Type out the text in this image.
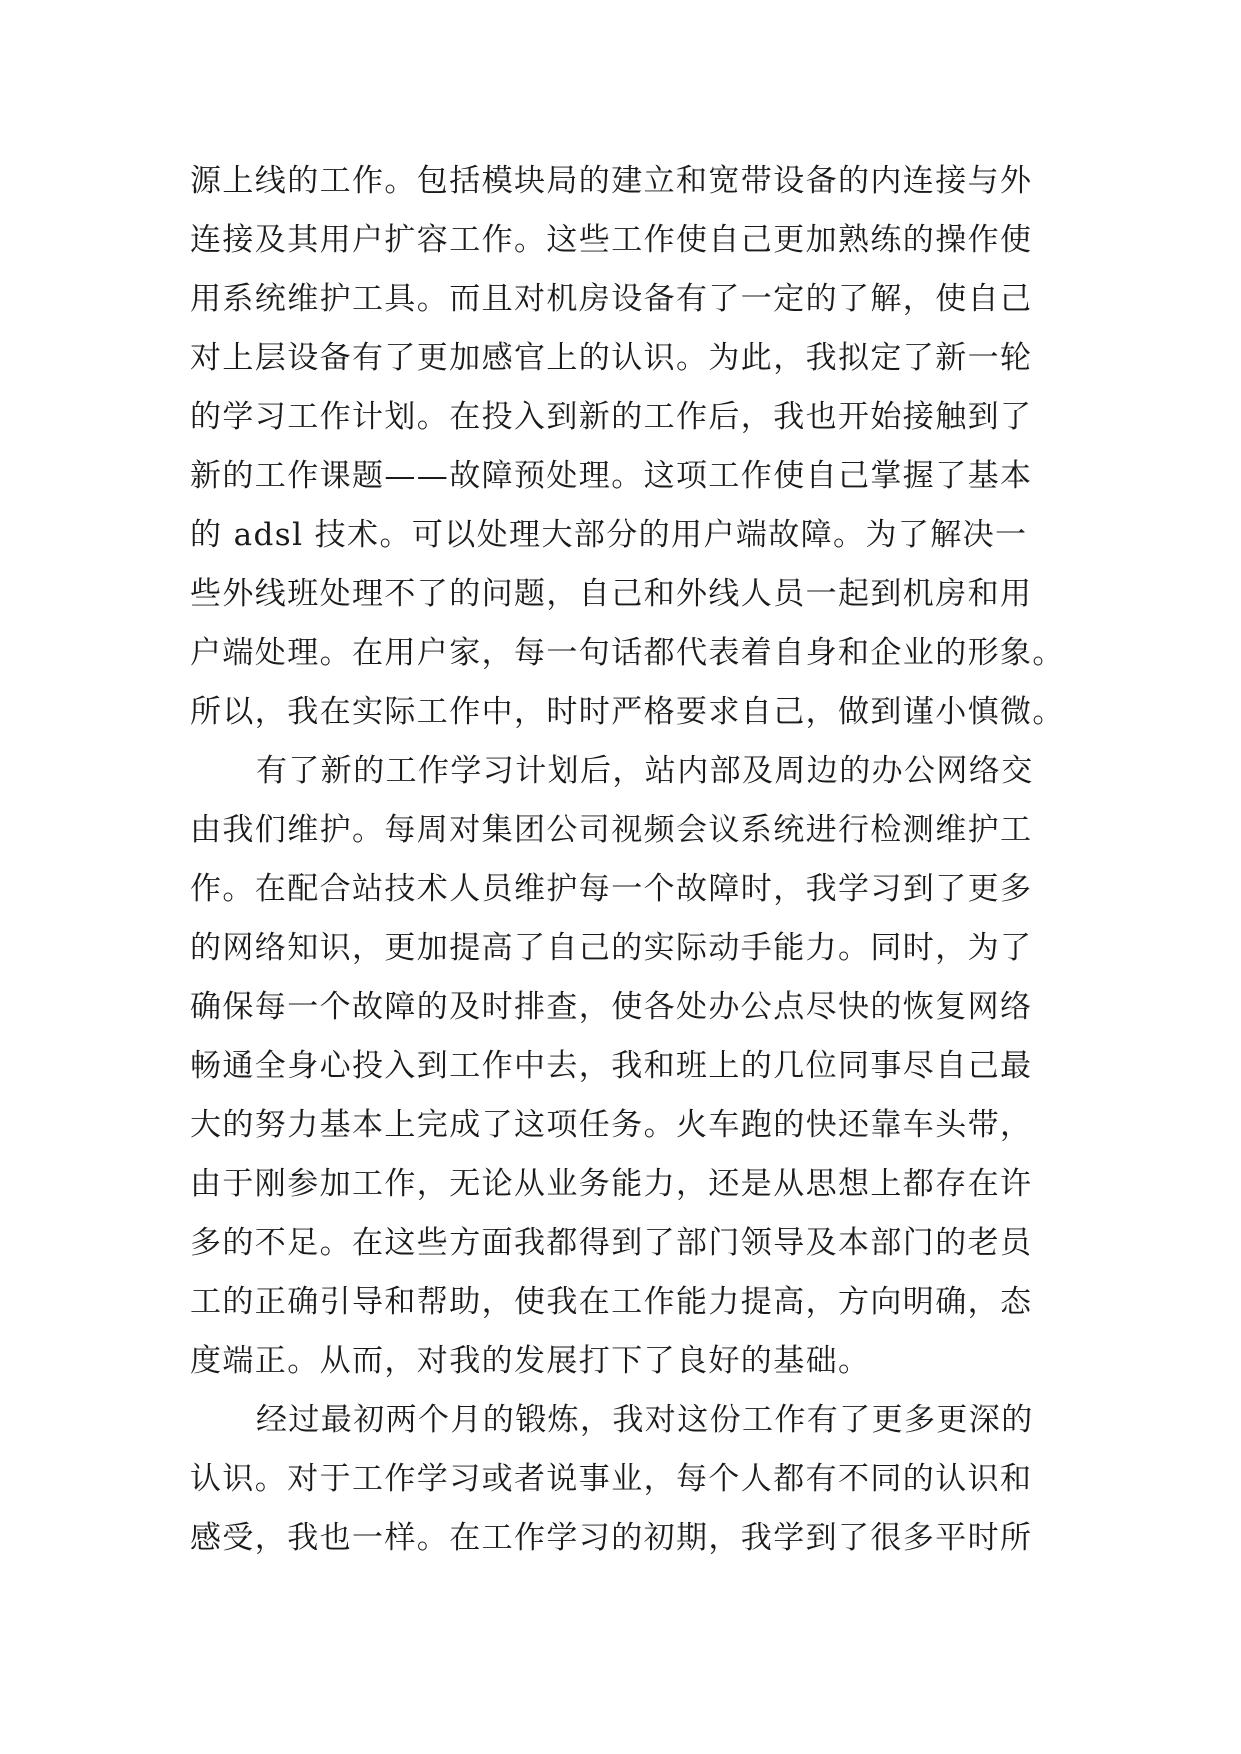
源上线的工作。包括模块局的建立和宽带设备的内连接与外
连接及其用户扩容工作。这些工作使自己更加熟练的操作使
用系统维护工具。而且对机房设备有了一定的了解，使自己
对上层设备有了更加感官上的认识。为此，我拟定了新一轮
的学习工作计划。在投入到新的工作后，我也开始接触到了
新的工作课题——故障预处理。这项工作使自己掌握了基本
的 adsl 技术。可以处理大部分的用户端故障。为了解决一
些外线班处理不了的问题，自己和外线人员一起到机房和用
户端处理。在用户家，每一句话都代表着自身和企业的形象。
所以，我在实际工作中，时时严格要求自己，做到谨小慎微。
有了新的工作学习计划后，站内部及周边的办公网络交
由我们维护。每周对集团公司视频会议系统进行检测维护工
作。在配合站技术人员维护每一个故障时，我学习到了更多
的网络知识，更加提高了自己的实际动手能力。同时，为了
确保每一个故障的及时排查，使各处办公点尽快的恢复网络
畅通全身心投入到工作中去，我和班上的几位同事尽自己最
大的努力基本上完成了这项任务。火车跑的快还靠车头带，
由于刚参加工作，无论从业务能力，还是从思想上都存在许
多的不足。在这些方面我都得到了部门领导及本部门的老员
工的正确引导和帮助，使我在工作能力提高，方向明确，态
度端正。从而，对我的发展打下了良好的基础。
经过最初两个月的锻炼，我对这份工作有了更多更深的
认识。对于工作学习或者说事业，每个人都有不同的认识和
感受，我也一样。在工作学习的初期，我学到了很多平时所
